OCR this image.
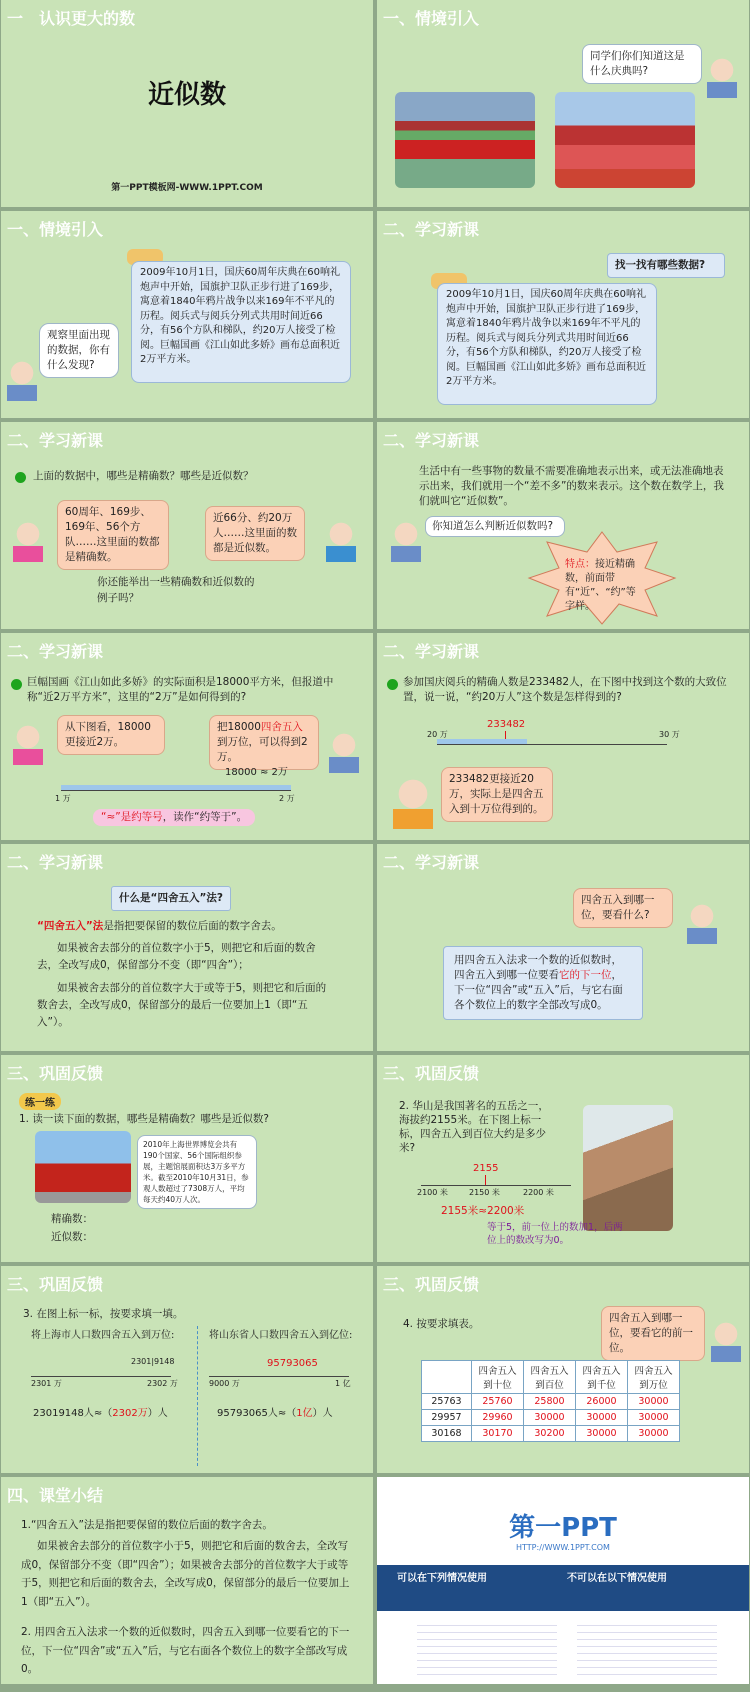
一　认识更大的数
近似数
第一PPT模板网-WWW.1PPT.COM
一、情境引入
同学们你们知道这是什么庆典吗?
一、情境引入
2009年10月1日，国庆60周年庆典在60响礼炮声中开始，国旗护卫队正步行进了169步，寓意着1840年鸦片战争以来169年不平凡的历程。阅兵式与阅兵分列式共用时间近66分，有56个方队和梯队，约20万人接受了检阅。巨幅国画《江山如此多娇》画布总面积近2万平方米。
观察里面出现的数据，你有什么发现?
二、学习新课
找一找有哪些数据?
2009年10月1日，国庆60周年庆典在60响礼炮声中开始，国旗护卫队正步行进了169步，寓意着1840年鸦片战争以来169年不平凡的历程。阅兵式与阅兵分列式共用时间近66分，有56个方队和梯队，约20万人接受了检阅。巨幅国画《江山如此多娇》画布总面积近2万平方米。
二、学习新课
上面的数据中，哪些是精确数？哪些是近似数？
60周年、169步、169年、56个方队……这里面的数都是精确数。
近66分、约20万人……这里面的数都是近似数。
你还能举出一些精确数和近似数的例子吗？
二、学习新课
生活中有一些事物的数量不需要准确地表示出来，或无法准确地表示出来，我们就用一个“差不多”的数来表示。这个数在数学上，我们就叫它“近似数”。
你知道怎么判断近似数吗?
特点：接近精确数，前面带有“近”、“约”等字样。
二、学习新课
巨幅国画《江山如此多娇》的实际面积是18000平方米，但报道中称“近2万平方米”，这里的“2万”是如何得到的?
从下图看，18000更接近2万。
把18000四舍五入到万位，可以得到2万。
18000 ≈ 2万
1 万	2 万
“≈”是约等号，读作“约等于”。
二、学习新课
参加国庆阅兵的精确人数是233482人，在下图中找到这个数的大致位置，说一说，“约20万人”这个数是怎样得到的?
233482
20 万	30 万
233482更接近20万，实际上是四舍五入到十万位得到的。
二、学习新课
什么是“四舍五入”法?
“四舍五入”法是指把要保留的数位后面的数字舍去。
如果被舍去部分的首位数字小于5，则把它和后面的数舍去，全改写成0，保留部分不变（即“四舍”）；
如果被舍去部分的首位数字大于或等于5，则把它和后面的数舍去，全改写成0，保留部分的最后一位要加上1（即“五入”）。
二、学习新课
四舍五入到哪一位，要看什么?
用四舍五入法求一个数的近似数时，四舍五入到哪一位要看它的下一位，下一位“四舍”或“五入”后，与它右面各个数位上的数字全部改写成0。
三、巩固反馈
练一练
1. 读一读下面的数据，哪些是精确数？哪些是近似数?
2010年上海世界博览会共有190个国家、56个国际组织参展，主题馆展面积达3万多平方米。截至2010年10月31日，参观人数超过了7308万人，平均每天约40万人次。
精确数：
近似数：
三、巩固反馈
2. 华山是我国著名的五岳之一，海拔约2155米。在下图上标一标，四舍五入到百位大约是多少米?
2155
2100 米	2150 米	2200 米
2155米≈2200米
等于5，前一位上的数加1，后两位上的数改写为0。
三、巩固反馈
3. 在图上标一标，按要求填一填。
将上海市人口数四舍五入到万位:
2301|9148
2301 万	2302 万
23019148人≈（2302万）人
将山东省人口数四舍五入到亿位:
95793065
9000 万	1 亿
95793065人≈（1亿）人
三、巩固反馈
4. 按要求填表。	四舍五入到哪一位，要看它的前一位。
	四舍五入到十位	四舍五入到百位	四舍五入到千位	四舍五入到万位
25763	25760	25800	26000	30000
29957	29960	30000	30000	30000
30168	30170	30200	30000	30000
四、课堂小结
1.“四舍五入”法是指把要保留的数位后面的数字舍去。
如果被舍去部分的首位数字小于5，则把它和后面的数舍去，全改写成0，保留部分不变（即“四舍”）；如果被舍去部分的首位数字大于或等于5，则把它和后面的数舍去，全改写成0，保留部分的最后一位要加上1（即“五入”）。
2. 用四舍五入法求一个数的近似数时，四舍五入到哪一位要看它的下一位，下一位“四舍”或“五入”后，与它右面各个数位上的数字全部改写成0。
第一PPT
HTTP://WWW.1PPT.COM
可以在下列情况使用	不可以在以下情况使用
